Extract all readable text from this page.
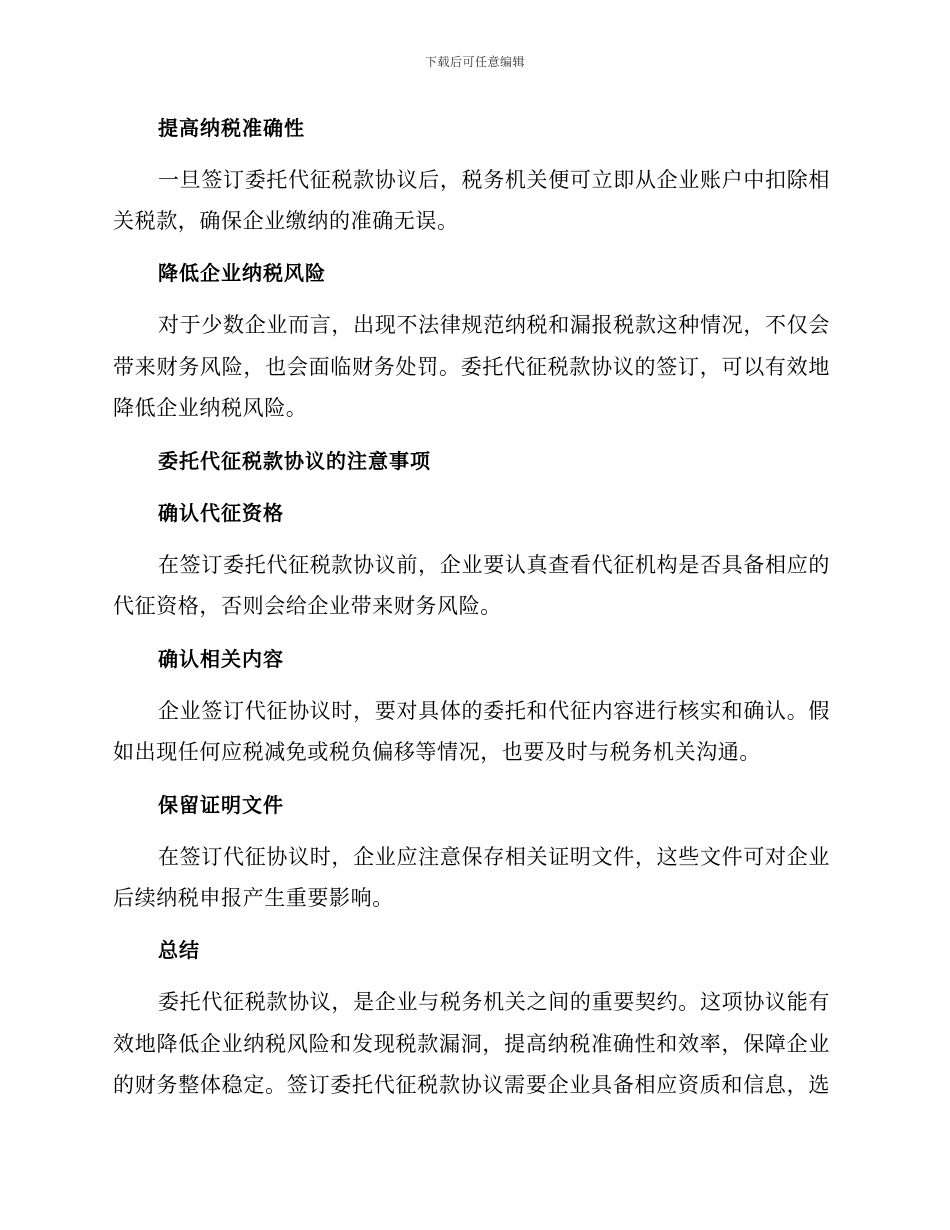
下载后可任意编辑
提高纳税准确性
一旦签订委托代征税款协议后，税务机关便可立即从企业账户中扣除相
关税款，确保企业缴纳的准确无误。
降低企业纳税风险
对于少数企业而言，出现不法律规范纳税和漏报税款这种情况，不仅会
带来财务风险，也会面临财务处罚。委托代征税款协议的签订，可以有效地
降低企业纳税风险。
委托代征税款协议的注意事项
确认代征资格
在签订委托代征税款协议前，企业要认真查看代征机构是否具备相应的
代征资格，否则会给企业带来财务风险。
确认相关内容
企业签订代征协议时，要对具体的委托和代征内容进行核实和确认。假
如出现任何应税减免或税负偏移等情况，也要及时与税务机关沟通。
保留证明文件
在签订代征协议时，企业应注意保存相关证明文件，这些文件可对企业
后续纳税申报产生重要影响。
总结
委托代征税款协议，是企业与税务机关之间的重要契约。这项协议能有
效地降低企业纳税风险和发现税款漏洞，提高纳税准确性和效率，保障企业
的财务整体稳定。签订委托代征税款协议需要企业具备相应资质和信息，选
